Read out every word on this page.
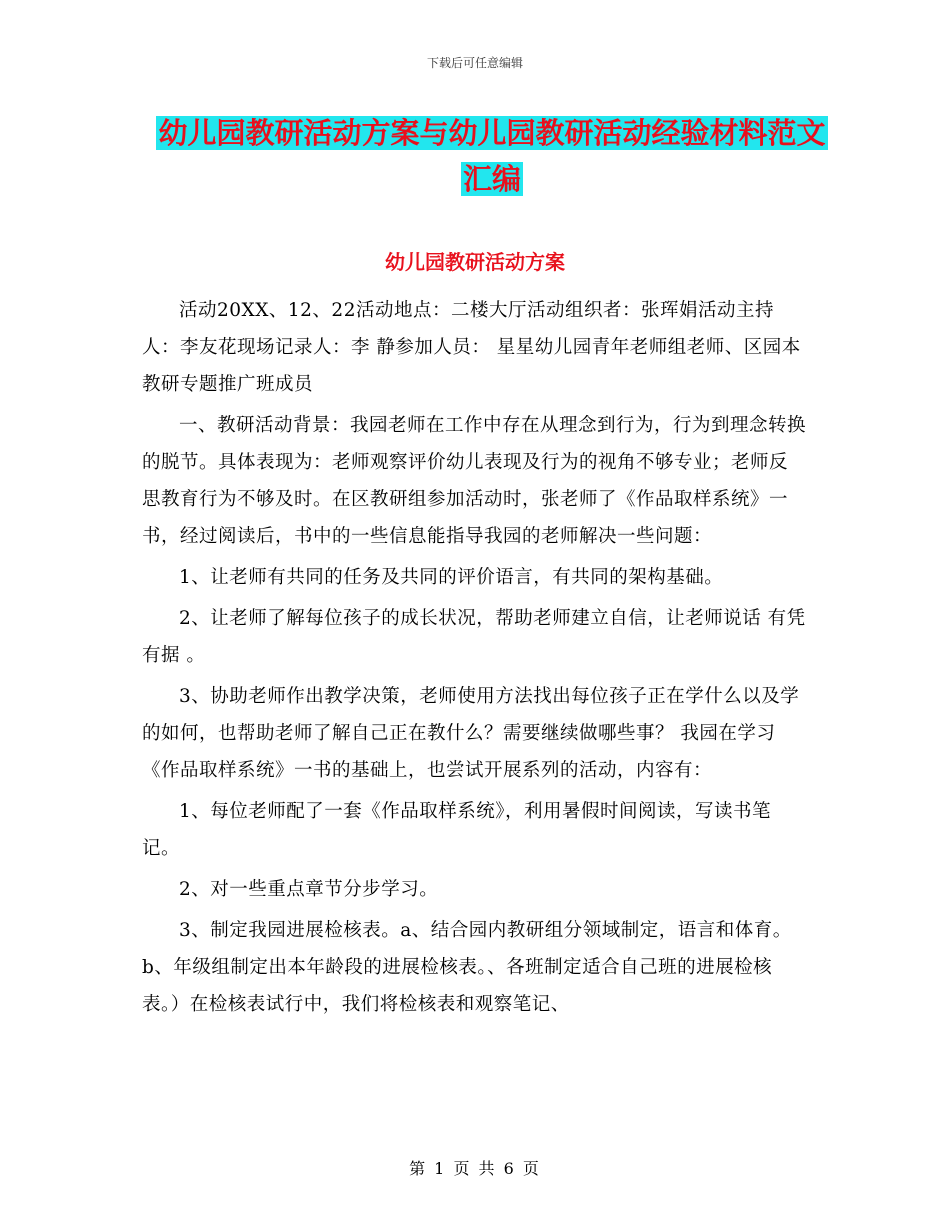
下载后可任意编辑
幼儿园教研活动方案与幼儿园教研活动经验材料范文
汇编
幼儿园教研活动方案

活动20XX、12、22活动地点：二楼大厅活动组织者：张珲娟活动主持人：李友花现场记录人：李 静参加人员： 星星幼儿园青年老师组老师、区园本教研专题推广班成员

一、教研活动背景：我园老师在工作中存在从理念到行为，行为到理念转换的脱节。具体表现为：老师观察评价幼儿表现及行为的视角不够专业；老师反思教育行为不够及时。在区教研组参加活动时，张老师了《作品取样系统》一书，经过阅读后，书中的一些信息能指导我园的老师解决一些问题：

1、让老师有共同的任务及共同的评价语言，有共同的架构基础。

2、让老师了解每位孩子的成长状况，帮助老师建立自信，让老师说话 有凭有据 。

3、协助老师作出教学决策，老师使用方法找出每位孩子正在学什么以及学的如何，也帮助老师了解自己正在教什么？需要继续做哪些事？ 我园在学习《作品取样系统》一书的基础上，也尝试开展系列的活动，内容有：

1、每位老师配了一套《作品取样系统》，利用暑假时间阅读，写读书笔记。

2、对一些重点章节分步学习。

3、制定我园进展检核表。a、结合园内教研组分领域制定，语言和体育。b、年级组制定出本年龄段的进展检核表。、各班制定适合自己班的进展检核表。）在检核表试行中，我们将检核表和观察笔记、

第 1 页 共 6 页
